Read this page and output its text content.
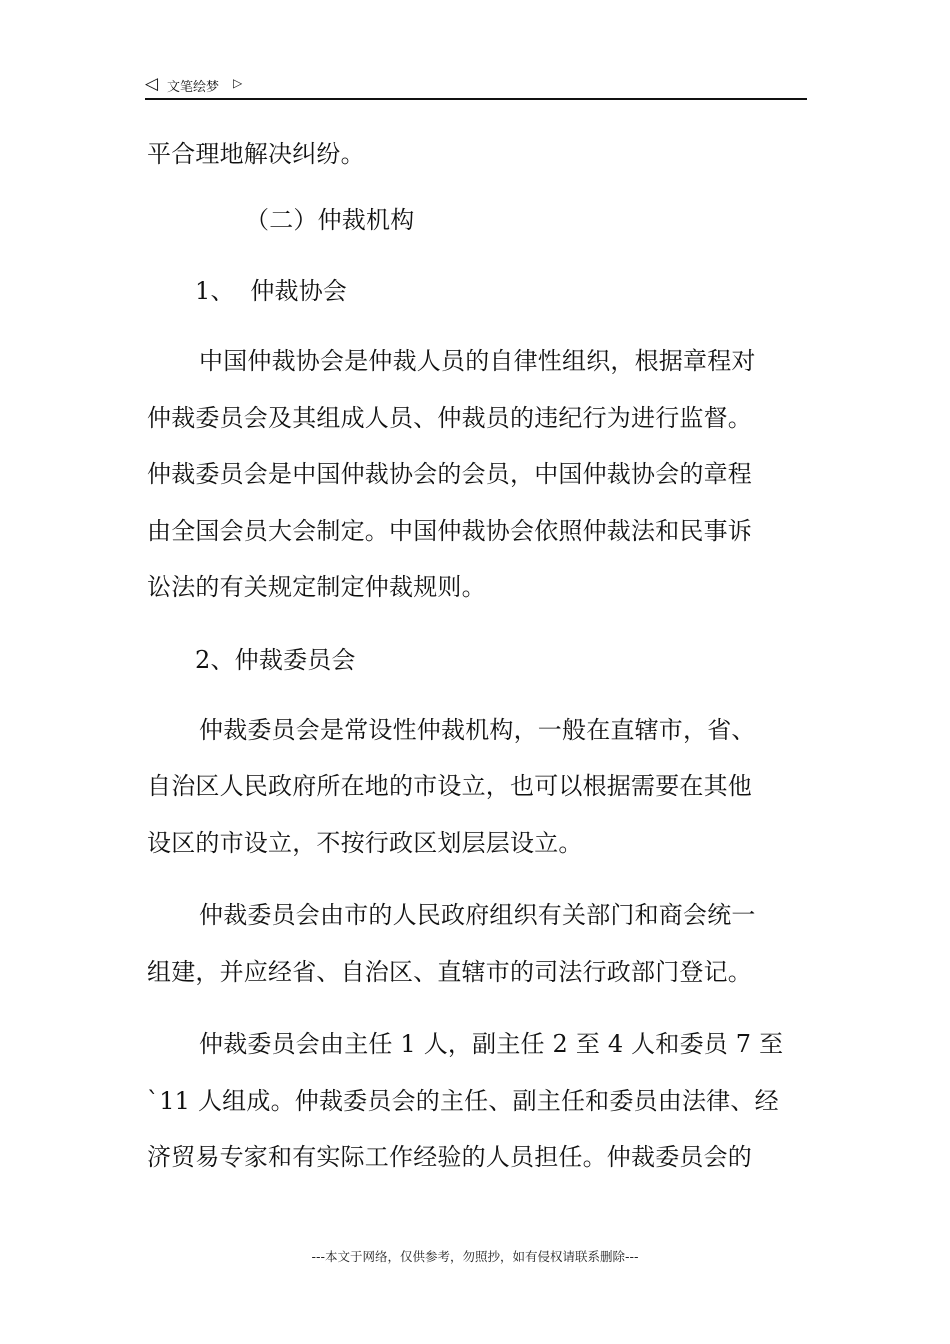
◁ 文笔绘梦 ▷
平合理地解决纠纷。
（二）仲裁机构
1、  仲裁协会
中国仲裁协会是仲裁人员的自律性组织，根据章程对
仲裁委员会及其组成人员、仲裁员的违纪行为进行监督。
仲裁委员会是中国仲裁协会的会员，中国仲裁协会的章程
由全国会员大会制定。中国仲裁协会依照仲裁法和民事诉
讼法的有关规定制定仲裁规则。
2、仲裁委员会
仲裁委员会是常设性仲裁机构，一般在直辖市，省、
自治区人民政府所在地的市设立，也可以根据需要在其他
设区的市设立，不按行政区划层层设立。
仲裁委员会由市的人民政府组织有关部门和商会统一
组建，并应经省、自治区、直辖市的司法行政部门登记。
仲裁委员会由主任 1 人，副主任 2 至 4 人和委员 7 至
`11 人组成。仲裁委员会的主任、副主任和委员由法律、经
济贸易专家和有实际工作经验的人员担任。仲裁委员会的
---本文于网络，仅供参考，勿照抄，如有侵权请联系删除---
